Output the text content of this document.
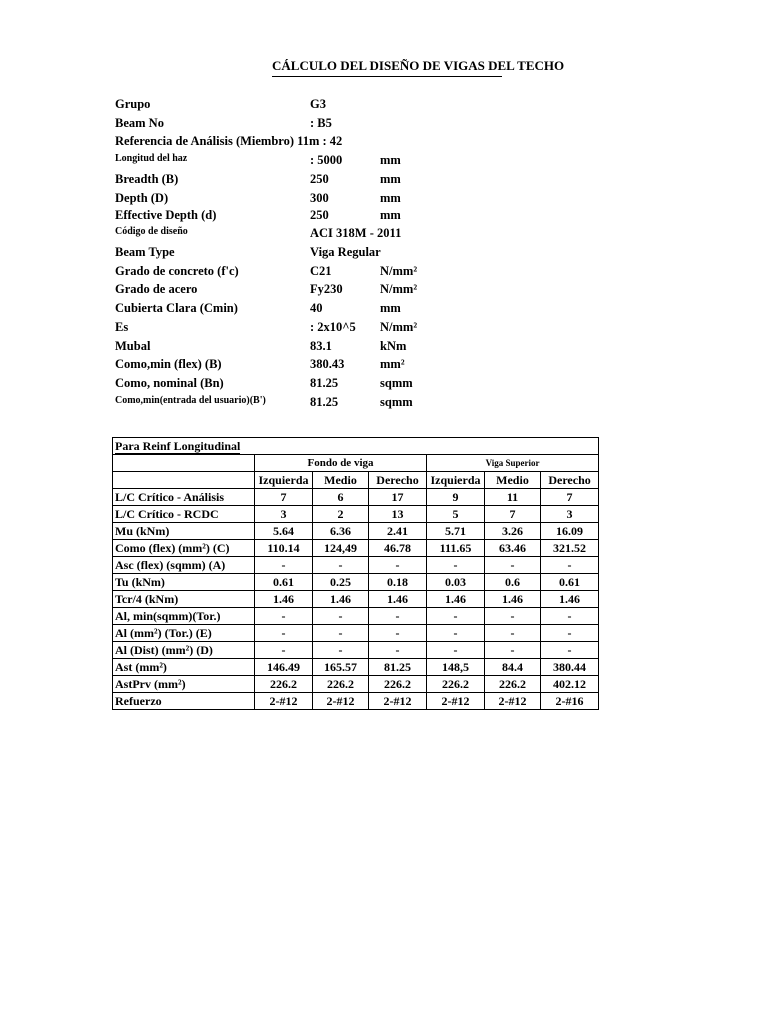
CÁLCULO DEL DISEÑO DE VIGAS DEL TECHO
Grupo	G3
Beam No	: B5
Referencia de Análisis (Miembro) 11m : 42
Longitud del haz	: 5000	mm
Breadth (B)	250	mm
Depth (D)	300	mm
Effective Depth (d)	250	mm
Código de diseño	ACI 318M - 2011
Beam Type	Viga Regular
Grado de concreto (f'c)	C21	N/mm²
Grado de acero	Fy230	N/mm²
Cubierta Clara (Cmin)	40	mm
Es	: 2x10^5 N/mm²
Mubal	83.1	kNm
Como,min (flex) (B)	380.43	mm²
Como, nominal (Bn)	81.25	sqmm
Como,min(entrada del usuario)(B')	81.25	sqmm
Para Reinf Longitudinal						
	Fondo de viga			Viga Superior		
	Izquierda	Medio	Derecho	Izquierda	Medio	Derecho
L/C Crítico - Análisis	7	6	17	9	11	7
L/C Crítico - RCDC	3	2	13	5	7	3
Mu (kNm)	5.64	6.36	2.41	5.71	3.26	16.09
Como (flex) (mm²) (C)	110.14	124,49	46.78	111.65	63.46	321.52
Asc (flex) (sqmm) (A)	-	-	-	-	-	-
Tu (kNm)	0.61	0.25	0.18	0.03	0.6	0.61
Tcr/4 (kNm)	1.46	1.46	1.46	1.46	1.46	1.46
Al, min(sqmm)(Tor.)	-	-	-	-	-	-
Al (mm²) (Tor.) (E)	-	-	-	-	-	-
Al (Dist) (mm²) (D)	-	-	-	-	-	-
Ast (mm²)	146.49	165.57	81.25	148,5	84.4	380.44
AstPrv (mm²)	226.2	226.2	226.2	226.2	226.2	402.12
Refuerzo	2-#12	2-#12	2-#12	2-#12	2-#12	2-#16
